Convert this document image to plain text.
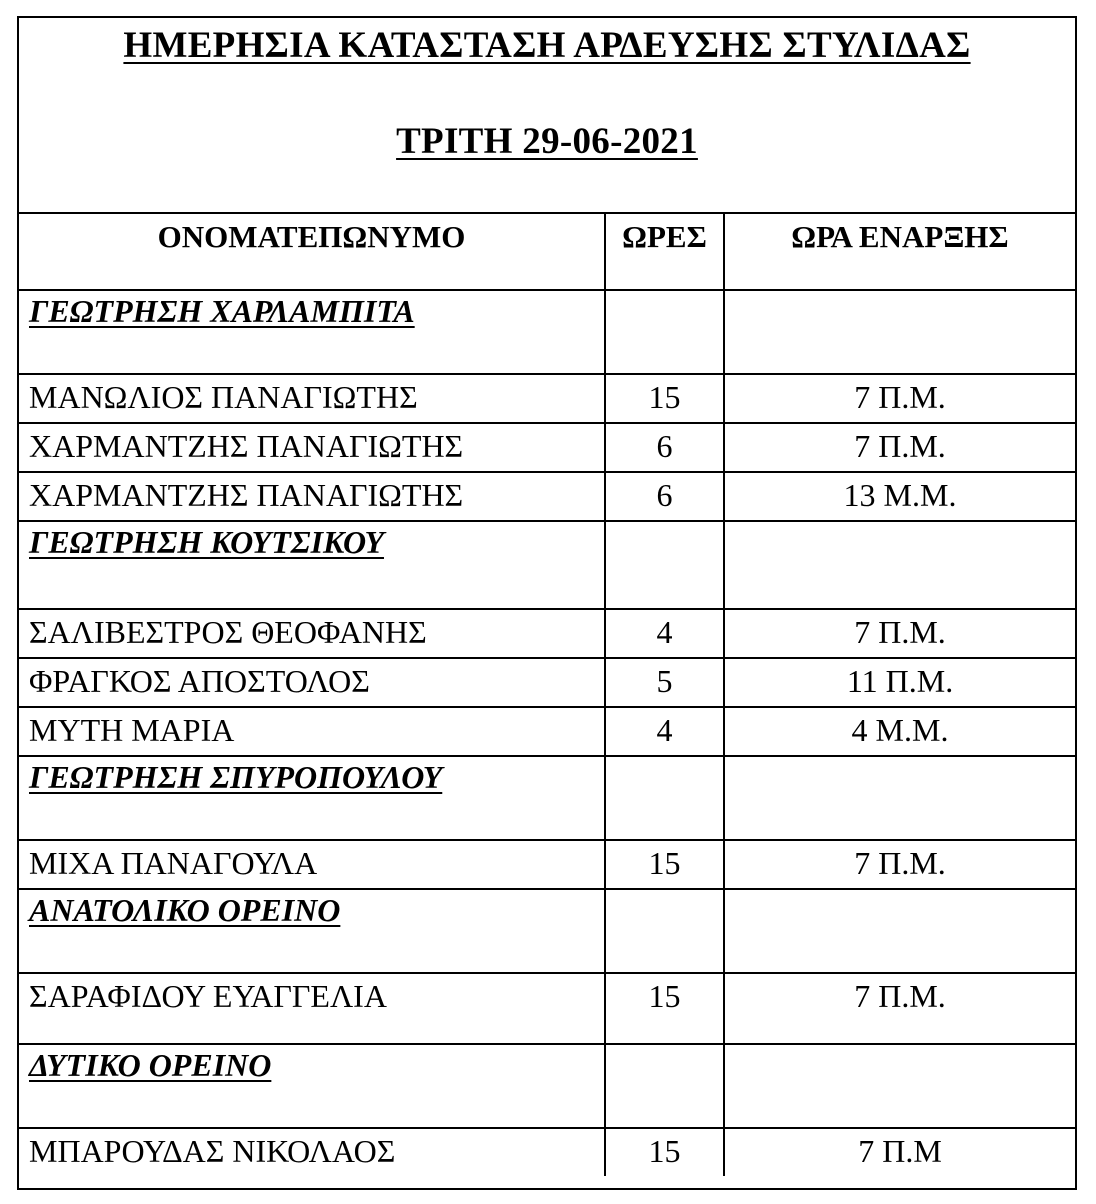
ΗΜΕΡΗΣΙΑ ΚΑΤΑΣΤΑΣΗ ΑΡΔΕΥΣΗΣ ΣΤΥΛΙΔΑΣ
ΤΡΙΤΗ 29-06-2021
ΟΝΟΜΑΤΕΠΩΝΥΜΟ	ΩΡΕΣ	ΩΡΑ ΕΝΑΡΞΗΣ
ΓΕΩΤΡΗΣΗ ΧΑΡΛΑΜΠΙΤΑ		
ΜΑΝΩΛΙΟΣ ΠΑΝΑΓΙΩΤΗΣ	15	7 Π.Μ.
ΧΑΡΜΑΝΤΖΗΣ ΠΑΝΑΓΙΩΤΗΣ	6	7 Π.Μ.
ΧΑΡΜΑΝΤΖΗΣ ΠΑΝΑΓΙΩΤΗΣ	6	13 Μ.Μ.
ΓΕΩΤΡΗΣΗ ΚΟΥΤΣΙΚΟΥ		
ΣΑΛΙΒΕΣΤΡΟΣ ΘΕΟΦΑΝΗΣ	4	7 Π.Μ.
ΦΡΑΓΚΟΣ ΑΠΟΣΤΟΛΟΣ	5	11 Π.Μ.
ΜΥΤΗ ΜΑΡΙΑ	4	4 Μ.Μ.
ΓΕΩΤΡΗΣΗ ΣΠΥΡΟΠΟΥΛΟΥ		
ΜΙΧΑ ΠΑΝΑΓΟΥΛΑ	15	7 Π.Μ.
ΑΝΑΤΟΛΙΚΟ ΟΡΕΙΝΟ		
ΣΑΡΑΦΙΔΟΥ ΕΥΑΓΓΕΛΙΑ	15	7 Π.Μ.
ΔΥΤΙΚΟ ΟΡΕΙΝΟ		
ΜΠΑΡΟΥΔΑΣ ΝΙΚΟΛΑΟΣ	15	7 Π.Μ
